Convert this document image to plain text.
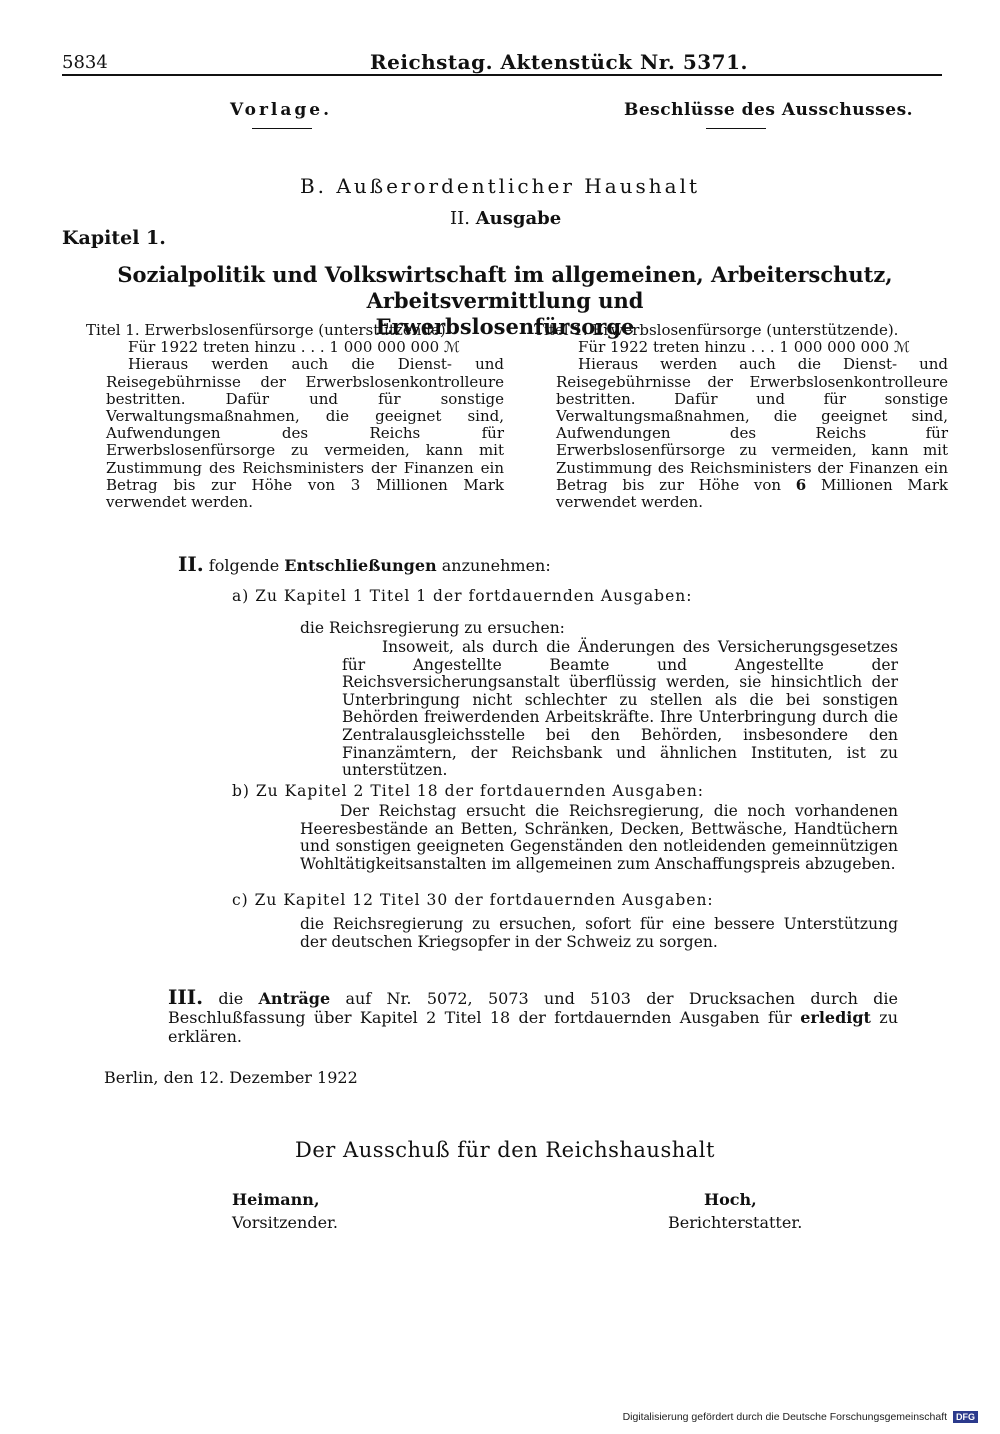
5834	Reichstag. Aktenstück Nr. 5371.
Vorlage.	Beschlüsse des Ausschusses.
B. Außerordentlicher Haushalt
II. Ausgabe
Kapitel 1.
Sozialpolitik und Volkswirtschaft im allgemeinen, Arbeiterschutz, Arbeitsvermittlung und
Erwerbslosenfürsorge

Titel 1. Erwerbslosenfürsorge (unterstützende)

Für 1922 treten hinzu . . . 1 000 000 000 ℳ

Hieraus werden auch die Dienst- und Reisegebührnisse der Erwerbslosenkontrolleure bestritten. Dafür und für sonstige Verwaltungsmaßnahmen, die geeignet sind, Aufwendungen des Reichs für Erwerbslosenfürsorge zu vermeiden, kann mit Zustimmung des Reichsministers der Finanzen ein Betrag bis zur Höhe von 3 Millionen Mark verwendet werden.

Titel 1. Erwerbslosenfürsorge (unterstützende).

Für 1922 treten hinzu . . . 1 000 000 000 ℳ

Hieraus werden auch die Dienst- und Reisegebührnisse der Erwerbslosenkontrolleure bestritten. Dafür und für sonstige Verwaltungsmaßnahmen, die geeignet sind, Aufwendungen des Reichs für Erwerbslosenfürsorge zu vermeiden, kann mit Zustimmung des Reichsministers der Finanzen ein Betrag bis zur Höhe von 6 Millionen Mark verwendet werden.

II. folgende Entschließungen anzunehmen:
a) Zu Kapitel 1 Titel 1 der fortdauernden Ausgaben:
die Reichsregierung zu ersuchen:
Insoweit, als durch die Änderungen des Versicherungsgesetzes für Angestellte Beamte und Angestellte der Reichsversicherungsanstalt überflüssig werden, sie hinsichtlich der Unterbringung nicht schlechter zu stellen als die bei sonstigen Behörden freiwerdenden Arbeitskräfte. Ihre Unterbringung durch die Zentralausgleichsstelle bei den Behörden, insbesondere den Finanzämtern, der Reichsbank und ähnlichen Instituten, ist zu unterstützen.
b) Zu Kapitel 2 Titel 18 der fortdauernden Ausgaben:
Der Reichstag ersucht die Reichsregierung, die noch vorhandenen Heeresbestände an Betten, Schränken, Decken, Bettwäsche, Handtüchern und sonstigen geeigneten Gegenständen den notleidenden gemeinnützigen Wohltätigkeitsanstalten im allgemeinen zum Anschaffungspreis abzugeben.
c) Zu Kapitel 12 Titel 30 der fortdauernden Ausgaben:
die Reichsregierung zu ersuchen, sofort für eine bessere Unterstützung der deutschen Kriegsopfer in der Schweiz zu sorgen.
III. die Anträge auf Nr. 5072, 5073 und 5103 der Drucksachen durch die Beschlußfassung über Kapitel 2 Titel 18 der fortdauernden Ausgaben für erledigt zu erklären.
Berlin, den 12. Dezember 1922
Der Ausschuß für den Reichshaushalt
Heimann,
Vorsitzender.
Hoch,
Berichterstatter.
Digitalisierung gefördert durch die Deutsche Forschungsgemeinschaft DFG
